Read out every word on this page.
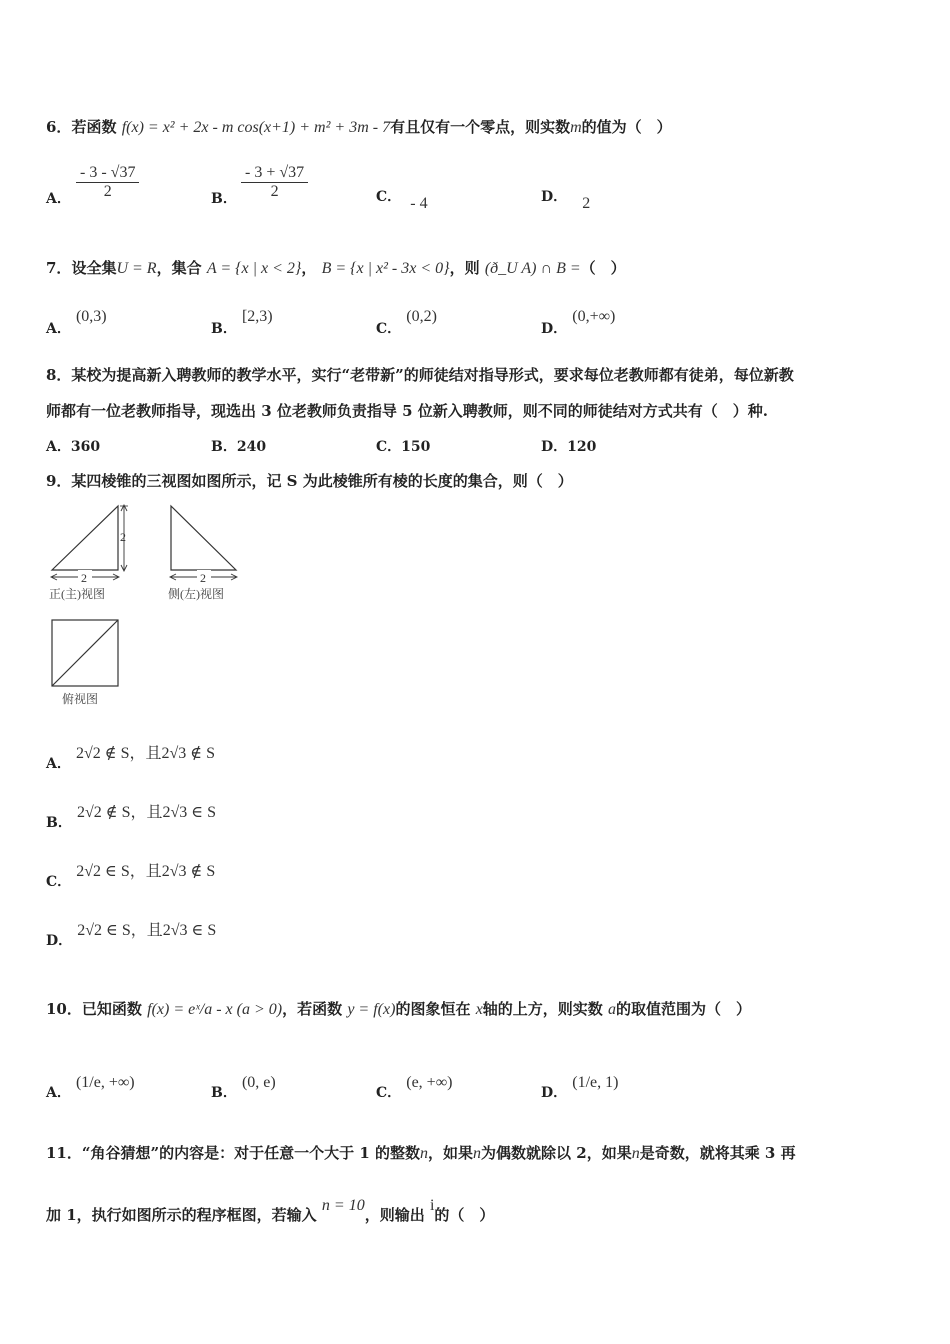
6．若函数 f(x) = x² + 2x - m cos(x+1) + m² + 3m - 7有且仅有一个零点，则实数m的值为（　）
A． $\frac{- 3 - √37}{2}$	B． $\frac{- 3 + √37}{2}$	C． - 4	D． 2
7．设全集U = R，集合 A = {x | x < 2}， B = {x | x² - 3x < 0}，则 (ð_U A) ∩ B =（　）
A． (0,3)
B． [2,3)
C． (0,2)
D． (0,+∞)
8．某校为提高新入聘教师的教学水平，实行“老带新”的师徒结对指导形式，要求每位老教师都有徒弟，每位新教
师都有一位老教师指导，现选出 3 位老教师负责指导 5 位新入聘教师，则不同的师徒结对方式共有（　）种.
A．360	B．240	C．150	D．120
9．某四棱锥的三视图如图所示，记 S 为此棱锥所有棱的长度的集合，则（　）
2
2
正(主)视图
2
侧(左)视图
俯视图
A． 2√2 ∉ S，且2√3 ∉ S
B． 2√2 ∉ S，且2√3 ∈ S
C． 2√2 ∈ S，且2√3 ∉ S
D． 2√2 ∈ S，且2√3 ∈ S
10．已知函数 f(x) = eˣ/a - x (a > 0)，若函数 y = f(x)的图象恒在 x轴的上方，则实数 a的取值范围为（　）
A． (1/e, +∞)
B． (0, e)
C． (e, +∞)
D． (1/e, 1)
11．“角谷猜想”的内容是：对于任意一个大于 1 的整数n，如果n为偶数就除以 2，如果n是奇数，就将其乘 3 再
加 1，执行如图所示的程序框图，若输入 n = 10，则输出 i的（　）
